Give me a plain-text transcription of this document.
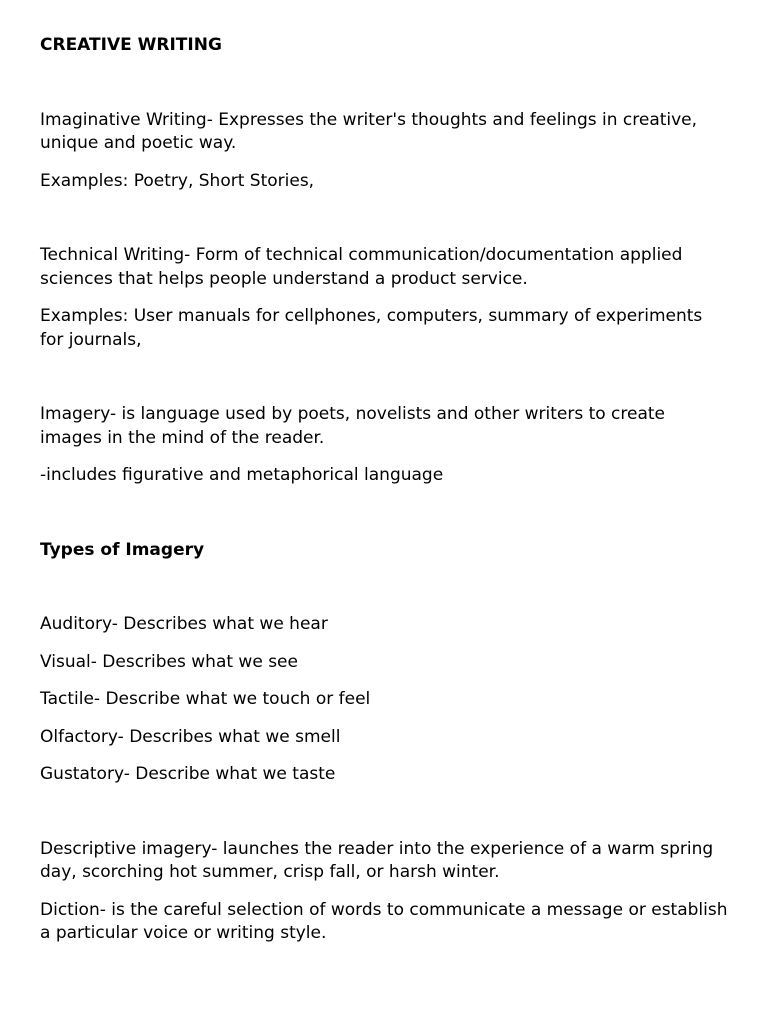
CREATIVE WRITING

Imaginative Writing- Expresses the writer's thoughts and feelings in creative, unique and poetic way.

Examples: Poetry, Short Stories,

Technical Writing- Form of technical communication/documentation applied sciences that helps people understand a product service.

Examples: User manuals for cellphones, computers, summary of experiments for journals,

Imagery- is language used by poets, novelists and other writers to create images in the mind of the reader.

-includes figurative and metaphorical language

Types of Imagery

Auditory- Describes what we hear

Visual- Describes what we see

Tactile- Describe what we touch or feel

Olfactory- Describes what we smell

Gustatory- Describe what we taste

Descriptive imagery- launches the reader into the experience of a warm spring day, scorching hot summer, crisp fall, or harsh winter.

Diction- is the careful selection of words to communicate a message or establish a particular voice or writing style.
